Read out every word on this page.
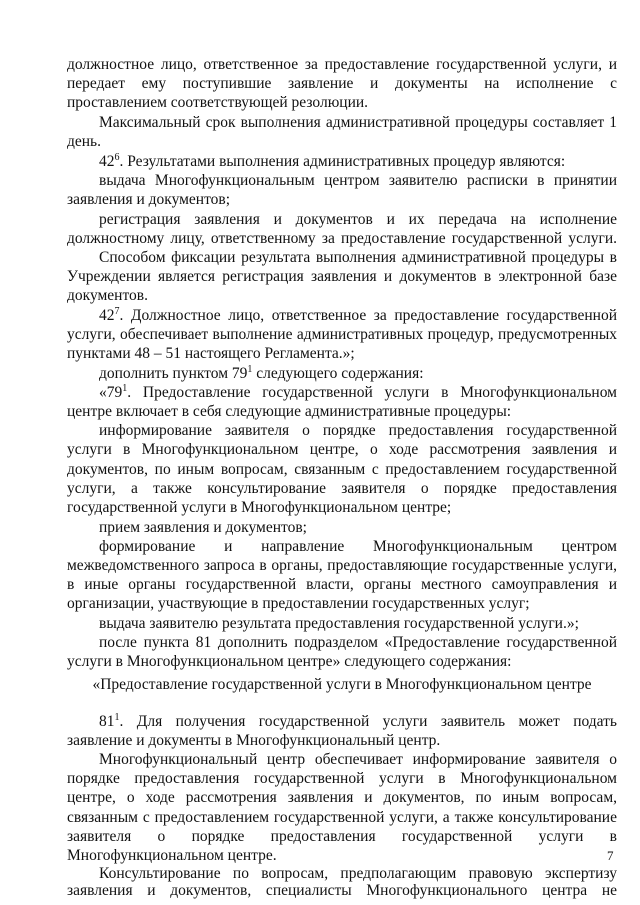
должностное лицо, ответственное за предоставление государственной услуги, и
передает ему поступившие заявление и документы на исполнение с
проставлением соответствующей резолюции.
Максимальный срок выполнения административной процедуры составляет 1
день.
$42^6$. Результатами выполнения административных процедур являются:
выдача Многофункциональным центром заявителю расписки в принятии
заявления и документов;
регистрация заявления и документов и их передача на исполнение
должностному лицу, ответственному за предоставление государственной услуги.
Способом фиксации результата выполнения административной процедуры в
Учреждении является регистрация заявления и документов в электронной базе
документов.
$42^7$. Должностное лицо, ответственное за предоставление государственной
услуги, обеспечивает выполнение административных процедур, предусмотренных
пунктами 48 – 51 настоящего Регламента.»;
дополнить пунктом $79^1$ следующего содержания:
«$79^1$. Предоставление государственной услуги в Многофункциональном
центре включает в себя следующие административные процедуры:
информирование заявителя о порядке предоставления государственной
услуги в Многофункциональном центре, о ходе рассмотрения заявления и
документов, по иным вопросам, связанным с предоставлением государственной
услуги, а также консультирование заявителя о порядке предоставления
государственной услуги в Многофункциональном центре;
прием заявления и документов;
формирование и направление Многофункциональным центром
межведомственного запроса в органы, предоставляющие государственные услуги,
в иные органы государственной власти, органы местного самоуправления и
организации, участвующие в предоставлении государственных услуг;
выдача заявителю результата предоставления государственной услуги.»;
после пункта 81 дополнить подразделом «Предоставление государственной
услуги в Многофункциональном центре» следующего содержания:
«Предоставление государственной услуги в Многофункциональном центре
$81^1$. Для получения государственной услуги заявитель может подать
заявление и документы в Многофункциональный центр.
Многофункциональный центр обеспечивает информирование заявителя о
порядке предоставления государственной услуги в Многофункциональном
центре, о ходе рассмотрения заявления и документов, по иным вопросам,
связанным с предоставлением государственной услуги, а также консультирование
заявителя о порядке предоставления государственной услуги в
Многофункциональном центре.
Консультирование по вопросам, предполагающим правовую экспертизу
заявления и документов, специалисты Многофункционального центра не
7
